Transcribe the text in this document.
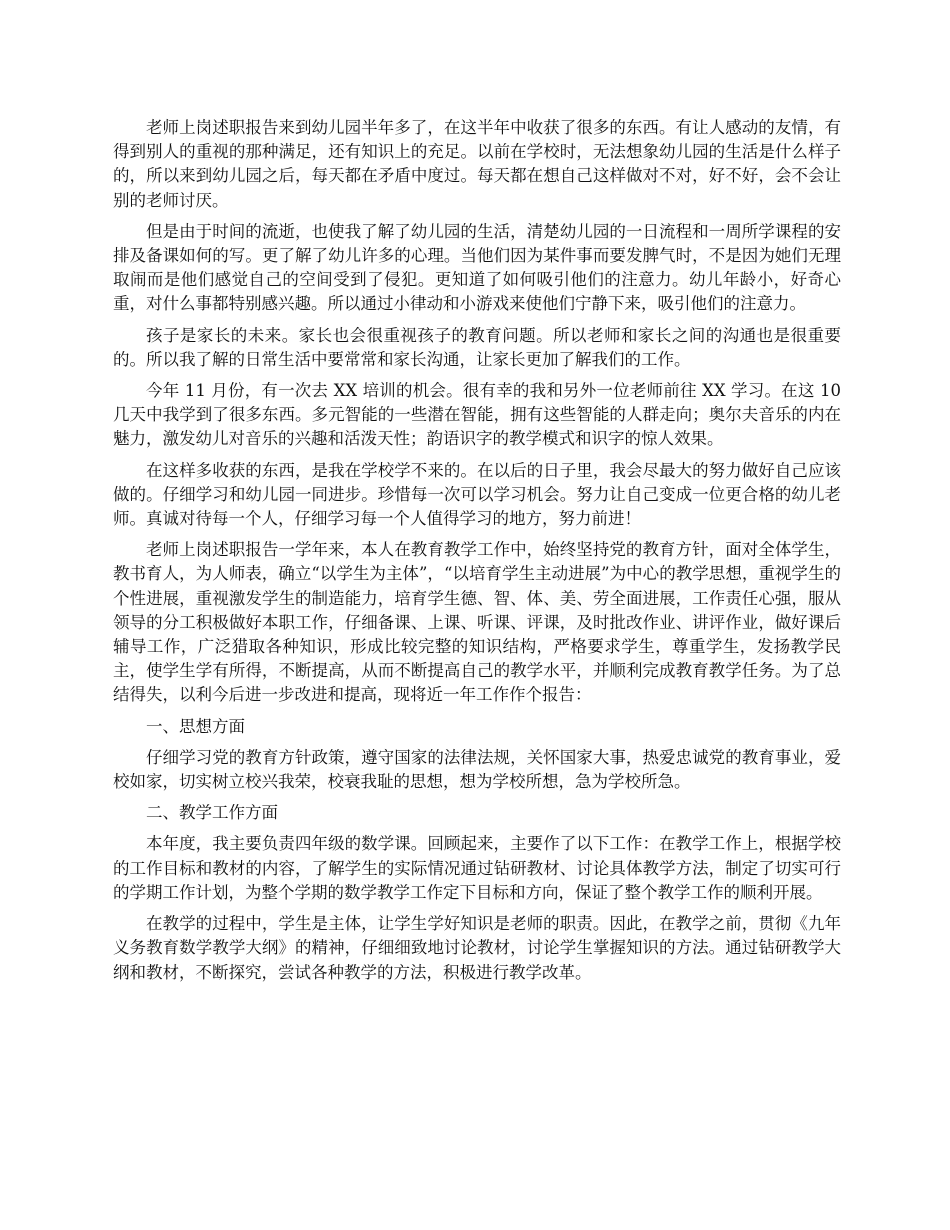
老师上岗述职报告来到幼儿园半年多了，在这半年中收获了很多的东西。有让人感动的友情，有得到别人的重视的那种满足，还有知识上的充足。以前在学校时，无法想象幼儿园的生活是什么样子的，所以来到幼儿园之后，每天都在矛盾中度过。每天都在想自己这样做对不对，好不好，会不会让别的老师讨厌。

但是由于时间的流逝，也使我了解了幼儿园的生活，清楚幼儿园的一日流程和一周所学课程的安排及备课如何的写。更了解了幼儿许多的心理。当他们因为某件事而要发脾气时，不是因为她们无理取闹而是他们感觉自己的空间受到了侵犯。更知道了如何吸引他们的注意力。幼儿年龄小，好奇心重，对什么事都特别感兴趣。所以通过小律动和小游戏来使他们宁静下来，吸引他们的注意力。

孩子是家长的未来。家长也会很重视孩子的教育问题。所以老师和家长之间的沟通也是很重要的。所以我了解的日常生活中要常常和家长沟通，让家长更加了解我们的工作。

今年 11 月份，有一次去 XX 培训的机会。很有幸的我和另外一位老师前往 XX 学习。在这 10 几天中我学到了很多东西。多元智能的一些潜在智能，拥有这些智能的人群走向；奥尔夫音乐的内在魅力，激发幼儿对音乐的兴趣和活泼天性；韵语识字的教学模式和识字的惊人效果。

在这样多收获的东西，是我在学校学不来的。在以后的日子里，我会尽最大的努力做好自己应该做的。仔细学习和幼儿园一同进步。珍惜每一次可以学习机会。努力让自己变成一位更合格的幼儿老师。真诚对待每一个人，仔细学习每一个人值得学习的地方，努力前进！

老师上岗述职报告一学年来，本人在教育教学工作中，始终坚持党的教育方针，面对全体学生，教书育人，为人师表，确立“以学生为主体”，“以培育学生主动进展”为中心的教学思想，重视学生的个性进展，重视激发学生的制造能力，培育学生德、智、体、美、劳全面进展，工作责任心强，服从领导的分工积极做好本职工作，仔细备课、上课、听课、评课，及时批改作业、讲评作业，做好课后辅导工作，广泛猎取各种知识，形成比较完整的知识结构，严格要求学生，尊重学生，发扬教学民主，使学生学有所得，不断提高，从而不断提高自己的教学水平，并顺利完成教育教学任务。为了总结得失，以利今后进一步改进和提高，现将近一年工作作个报告：

一、思想方面

仔细学习党的教育方针政策，遵守国家的法律法规，关怀国家大事，热爱忠诚党的教育事业，爱校如家，切实树立校兴我荣，校衰我耻的思想，想为学校所想，急为学校所急。

二、教学工作方面

本年度，我主要负责四年级的数学课。回顾起来，主要作了以下工作：在教学工作上，根据学校的工作目标和教材的内容，了解学生的实际情况通过钻研教材、讨论具体教学方法，制定了切实可行的学期工作计划，为整个学期的数学教学工作定下目标和方向，保证了整个教学工作的顺利开展。

在教学的过程中，学生是主体，让学生学好知识是老师的职责。因此，在教学之前，贯彻《九年义务教育数学教学大纲》的精神，仔细细致地讨论教材，讨论学生掌握知识的方法。通过钻研教学大纲和教材，不断探究，尝试各种教学的方法，积极进行教学改革。
